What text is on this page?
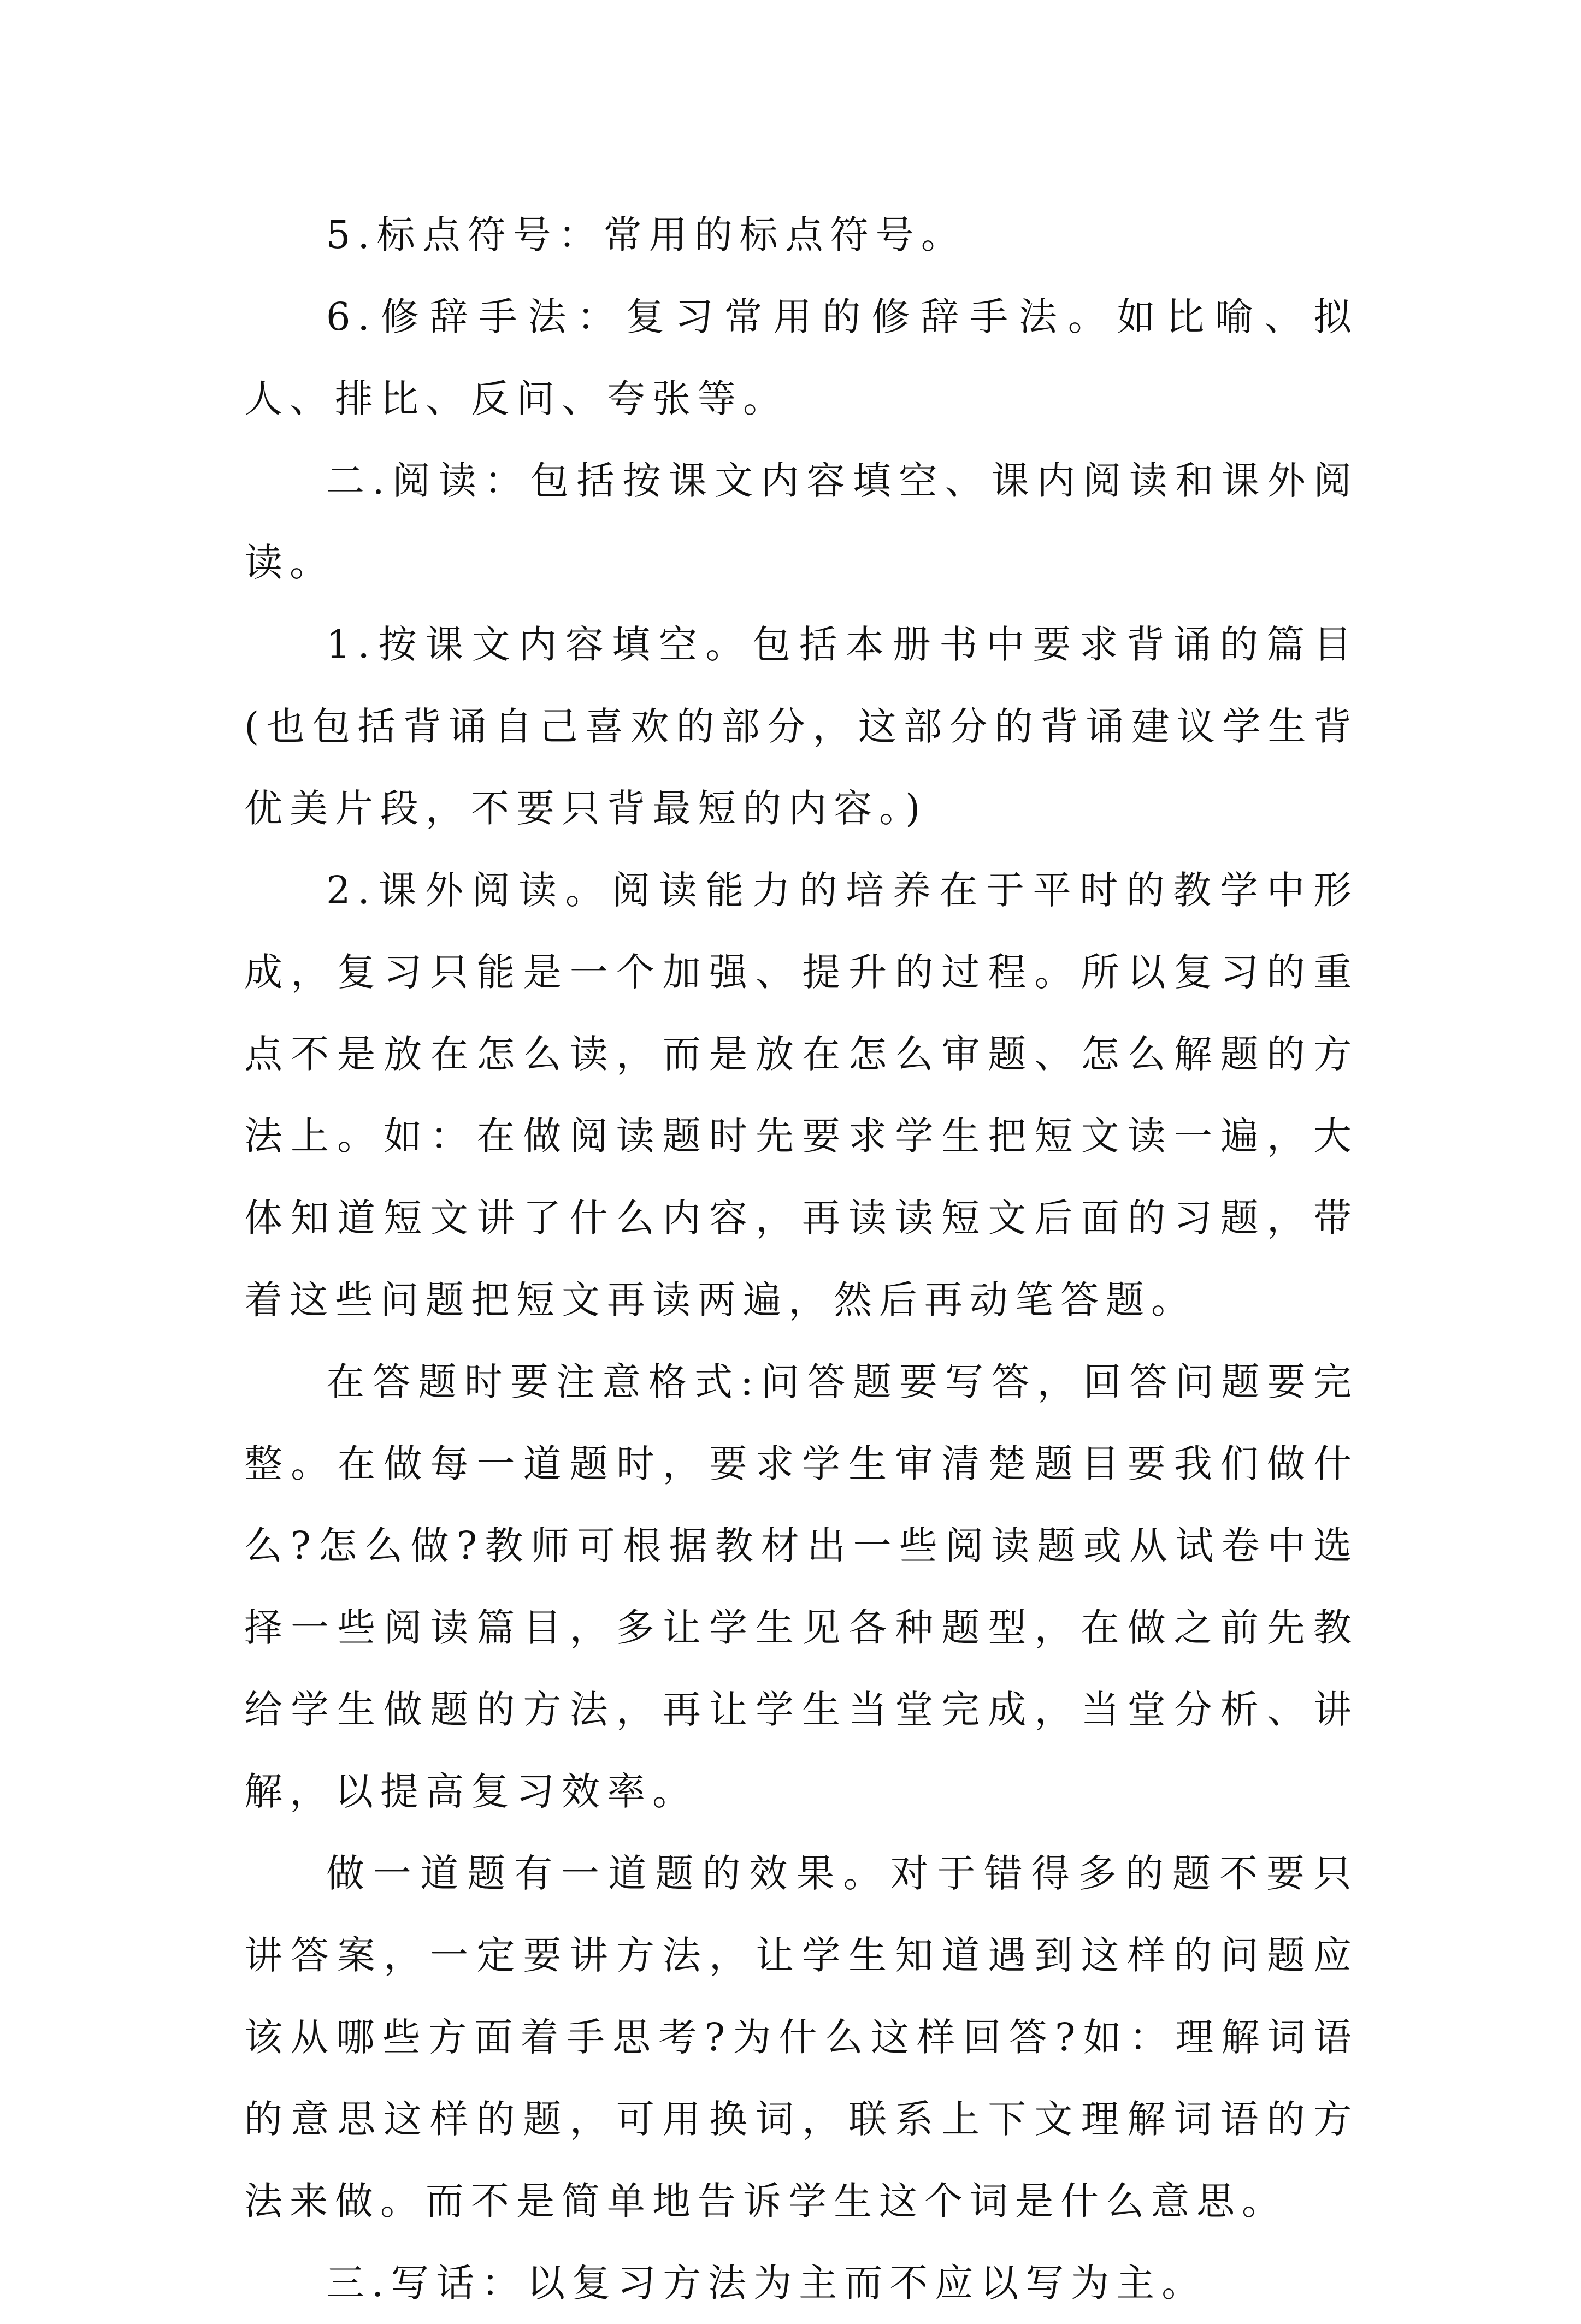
5.标点符号：常用的标点符号。

6.修辞手法：复习常用的修辞手法。如比喻、拟人、排比、反问、夸张等。

二.阅读：包括按课文内容填空、课内阅读和课外阅读。

1.按课文内容填空。包括本册书中要求背诵的篇目(也包括背诵自己喜欢的部分，这部分的背诵建议学生背优美片段，不要只背最短的内容。)

2.课外阅读。阅读能力的培养在于平时的教学中形成，复习只能是一个加强、提升的过程。所以复习的重点不是放在怎么读，而是放在怎么审题、怎么解题的方法上。如：在做阅读题时先要求学生把短文读一遍，大体知道短文讲了什么内容，再读读短文后面的习题，带着这些问题把短文再读两遍，然后再动笔答题。

在答题时要注意格式:问答题要写答，回答问题要完整。在做每一道题时，要求学生审清楚题目要我们做什么?怎么做?教师可根据教材出一些阅读题或从试卷中选择一些阅读篇目，多让学生见各种题型，在做之前先教给学生做题的方法，再让学生当堂完成，当堂分析、讲解，以提高复习效率。

做一道题有一道题的效果。对于错得多的题不要只讲答案，一定要讲方法，让学生知道遇到这样的问题应该从哪些方面着手思考?为什么这样回答?如：理解词语的意思这样的题，可用换词，联系上下文理解词语的方法来做。而不是简单地告诉学生这个词是什么意思。

三.写话：以复习方法为主而不应以写为主。
